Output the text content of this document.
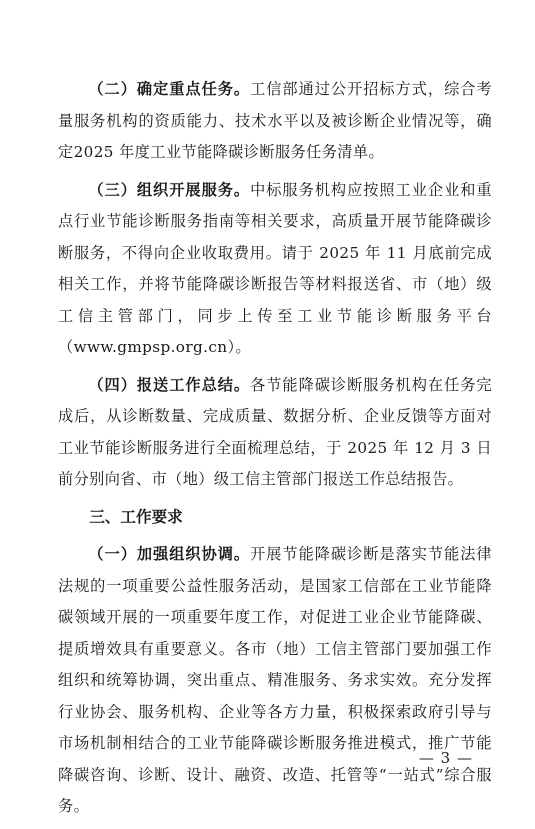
（二）确定重点任务。工信部通过公开招标方式，综合考量服务机构的资质能力、技术水平以及被诊断企业情况等，确定2025 年度工业节能降碳诊断服务任务清单。

（三）组织开展服务。中标服务机构应按照工业企业和重点行业节能诊断服务指南等相关要求，高质量开展节能降碳诊断服务，不得向企业收取费用。请于 2025 年 11 月底前完成相关工作，并将节能降碳诊断报告等材料报送省、市（地）级工信主管部门，同步上传至工业节能诊断服务平台（www.gmpsp.org.cn）。

（四）报送工作总结。各节能降碳诊断服务机构在任务完成后，从诊断数量、完成质量、数据分析、企业反馈等方面对工业节能诊断服务进行全面梳理总结，于 2025 年 12 月 3 日前分别向省、市（地）级工信主管部门报送工作总结报告。

三、工作要求

（一）加强组织协调。开展节能降碳诊断是落实节能法律法规的一项重要公益性服务活动，是国家工信部在工业节能降碳领域开展的一项重要年度工作，对促进工业企业节能降碳、提质增效具有重要意义。各市（地）工信主管部门要加强工作组织和统筹协调，突出重点、精准服务、务求实效。充分发挥行业协会、服务机构、企业等各方力量，积极探索政府引导与市场机制相结合的工业节能降碳诊断服务推进模式，推广节能降碳咨询、诊断、设计、融资、改造、托管等“一站式”综合服务。

— 3 —
